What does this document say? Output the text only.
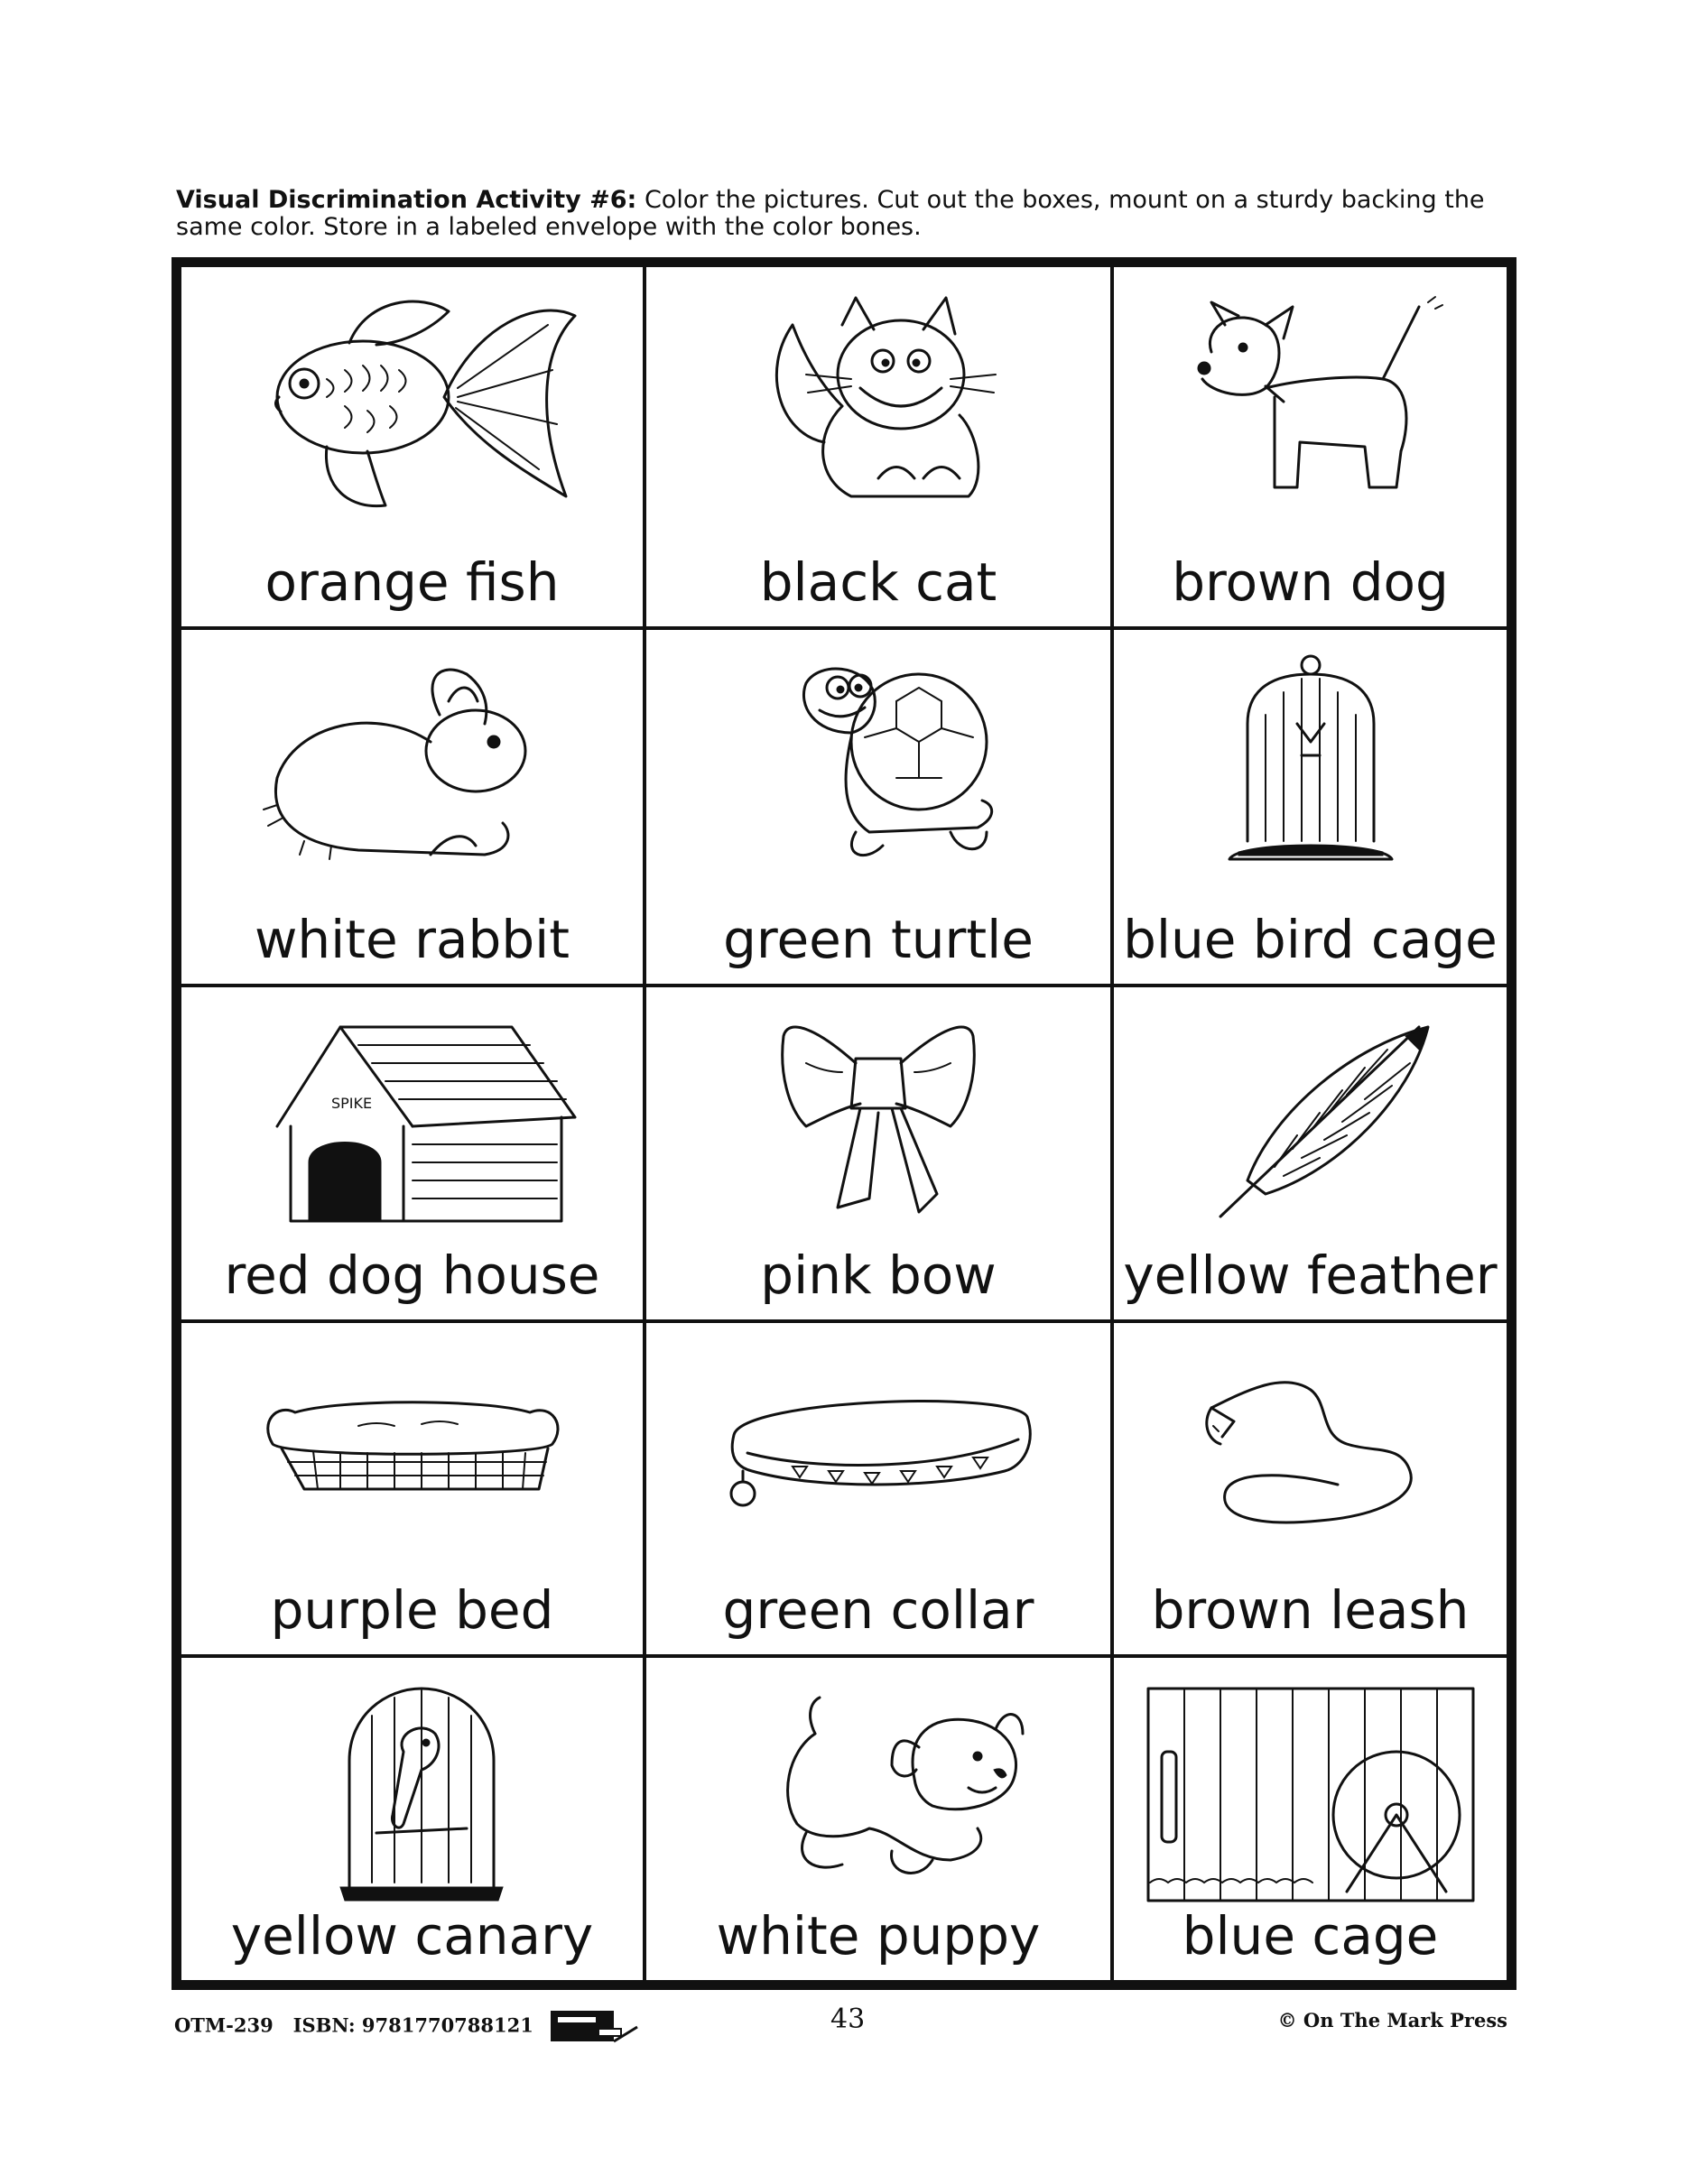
Visual Discrimination Activity #6: Color the pictures. Cut out the boxes, mount on a sturdy backing the same color. Store in a labeled envelope with the color bones.
orange fish	black cat	brown dog
white rabbit	green turtle	blue bird cage
SPIKE
red dog house	pink bow	yellow feather
purple bed	green collar	brown leash
yellow canary	white puppy	blue cage
OTM-239 ISBN: 9781770788121	43	© On The Mark Press
